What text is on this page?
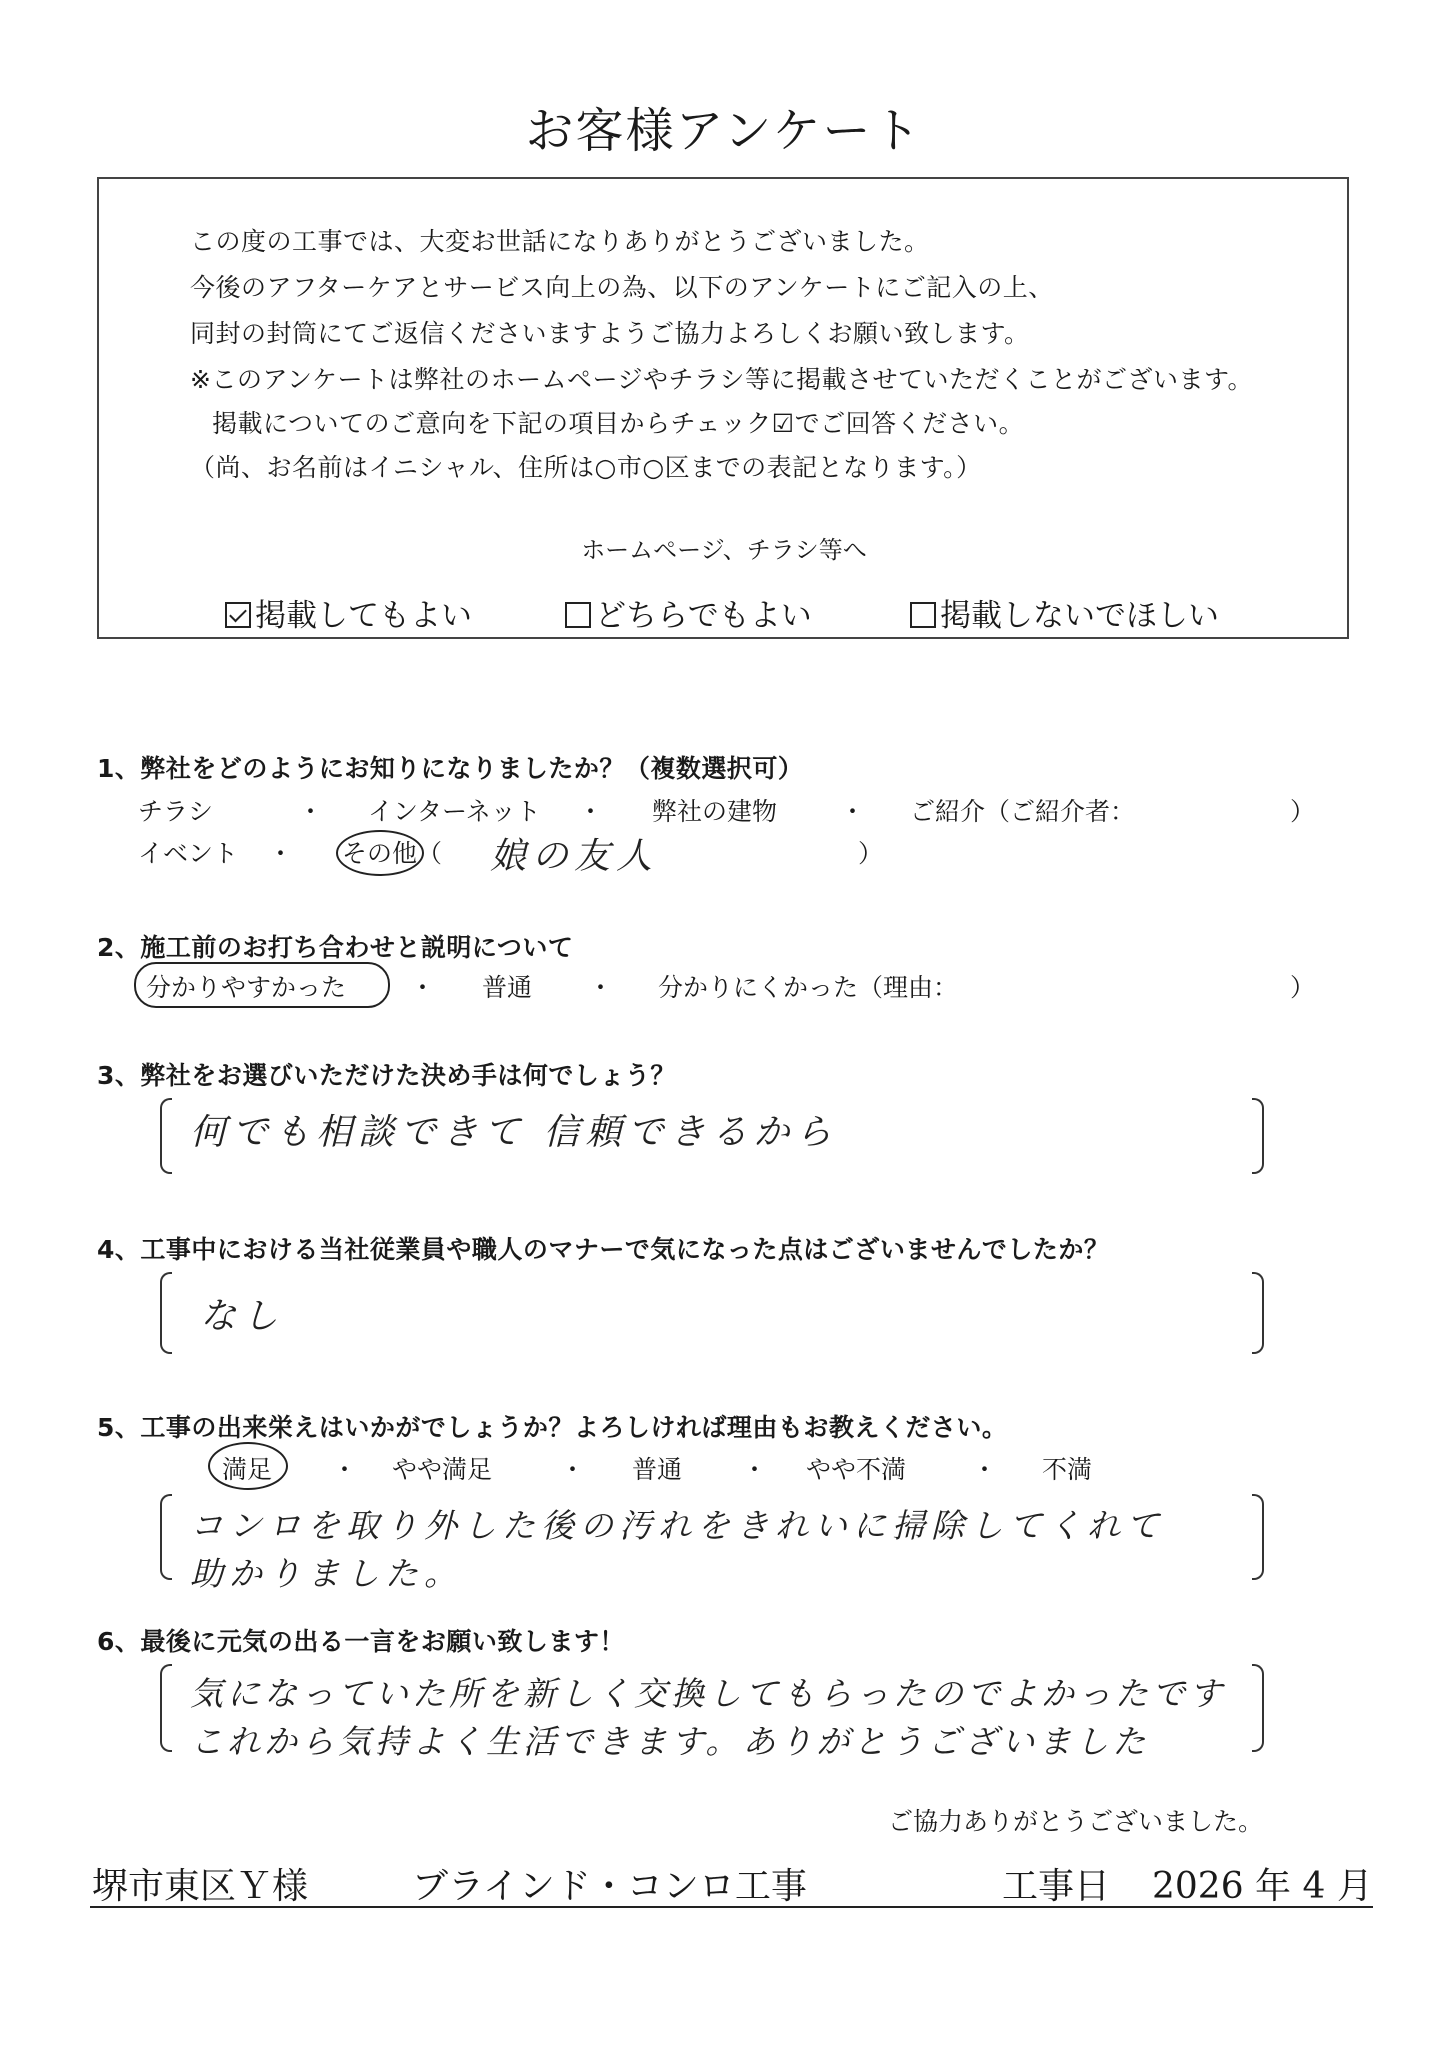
お客様アンケート
この度の工事では、大変お世話になりありがとうございました。
今後のアフターケアとサービス向上の為、以下のアンケートにご記入の上、
同封の封筒にてご返信くださいますようご協力よろしくお願い致します。
※このアンケートは弊社のホームページやチラシ等に掲載させていただくことがございます。
掲載についてのご意向を下記の項目からチェック☑でご回答ください。
（尚、お名前はイニシャル、住所は○市○区までの表記となります。）
ホームページ、チラシ等へ
掲載してもよい	どちらでもよい	掲載しないでほしい
1、弊社をどのようにお知りになりましたか？（複数選択可）
チラシ	・ インターネット ・ 弊社の建物	・ ご紹介（ご紹介者：	）
イベント ・ その他（	）
娘の友人
2、施工前のお打ち合わせと説明について
分かりやすかった	・ 普通 ・ 分かりにくかった（理由：	）
3、弊社をお選びいただけた決め手は何でしょう？
何でも相談できて 信頼できるから
4、工事中における当社従業員や職人のマナーで気になった点はございませんでしたか？
なし
5、工事の出来栄えはいかがでしょうか？よろしければ理由もお教えください。
満足 ・ やや満足	・ 普通 ・ やや不満	・ 不満
コンロを取り外した後の汚れをきれいに掃除してくれて
助かりました。
6、最後に元気の出る一言をお願い致します！
気になっていた所を新しく交換してもらったのでよかったです
これから気持よく生活できます。ありがとうございました
ご協力ありがとうございました。
堺市東区Ｙ様	ブラインド・コンロ工事	工事日 2026 年 4 月
